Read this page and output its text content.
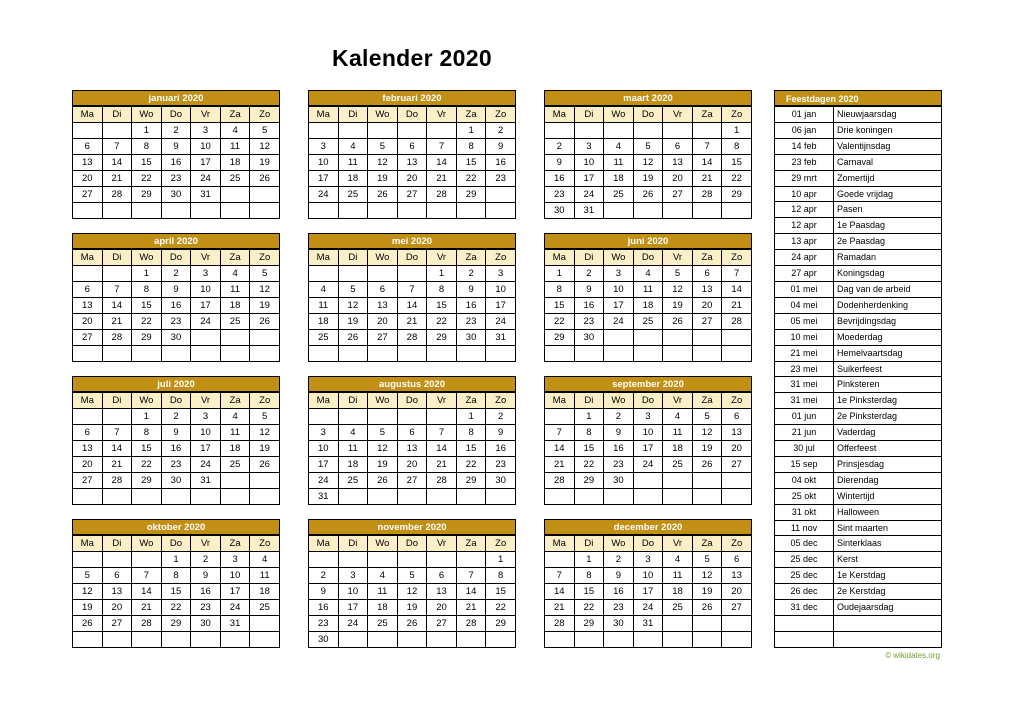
Kalender 2020
januari 2020
Ma	Di	Wo	Do	Vr	Za	Zo
		1	2	3	4	5
6	7	8	9	10	11	12
13	14	15	16	17	18	19
20	21	22	23	24	25	26
27	28	29	30	31		

februari 2020
Ma	Di	Wo	Do	Vr	Za	Zo
					1	2
3	4	5	6	7	8	9
10	11	12	13	14	15	16
17	18	19	20	21	22	23
24	25	26	27	28	29	

maart 2020
Ma	Di	Wo	Do	Vr	Za	Zo
						1
2	3	4	5	6	7	8
9	10	11	12	13	14	15
16	17	18	19	20	21	22
23	24	25	26	27	28	29
30	31					
april 2020
Ma	Di	Wo	Do	Vr	Za	Zo
		1	2	3	4	5
6	7	8	9	10	11	12
13	14	15	16	17	18	19
20	21	22	23	24	25	26
27	28	29	30			

mei 2020
Ma	Di	Wo	Do	Vr	Za	Zo
				1	2	3
4	5	6	7	8	9	10
11	12	13	14	15	16	17
18	19	20	21	22	23	24
25	26	27	28	29	30	31

juni 2020
Ma	Di	Wo	Do	Vr	Za	Zo
1	2	3	4	5	6	7
8	9	10	11	12	13	14
15	16	17	18	19	20	21
22	23	24	25	26	27	28
29	30					

juli 2020
Ma	Di	Wo	Do	Vr	Za	Zo
		1	2	3	4	5
6	7	8	9	10	11	12
13	14	15	16	17	18	19
20	21	22	23	24	25	26
27	28	29	30	31		

augustus 2020
Ma	Di	Wo	Do	Vr	Za	Zo
					1	2
3	4	5	6	7	8	9
10	11	12	13	14	15	16
17	18	19	20	21	22	23
24	25	26	27	28	29	30
31						
september 2020
Ma	Di	Wo	Do	Vr	Za	Zo
	1	2	3	4	5	6
7	8	9	10	11	12	13
14	15	16	17	18	19	20
21	22	23	24	25	26	27
28	29	30				

oktober 2020
Ma	Di	Wo	Do	Vr	Za	Zo
			1	2	3	4
5	6	7	8	9	10	11
12	13	14	15	16	17	18
19	20	21	22	23	24	25
26	27	28	29	30	31	

november 2020
Ma	Di	Wo	Do	Vr	Za	Zo
						1
2	3	4	5	6	7	8
9	10	11	12	13	14	15
16	17	18	19	20	21	22
23	24	25	26	27	28	29
30						
december 2020
Ma	Di	Wo	Do	Vr	Za	Zo
	1	2	3	4	5	6
7	8	9	10	11	12	13
14	15	16	17	18	19	20
21	22	23	24	25	26	27
28	29	30	31			

Feestdagen 2020
01 jan	Nieuwjaarsdag
06 jan	Drie koningen
14 feb	Valentijnsdag
23 feb	Carnaval
29 mrt	Zomertijd
10 apr	Goede vrijdag
12 apr	Pasen
12 apr	1e Paasdag
13 apr	2e Paasdag
24 apr	Ramadan
27 apr	Koningsdag
01 mei	Dag van de arbeid
04 mei	Dodenherdenking
05 mei	Bevrijdingsdag
10 mei	Moederdag
21 mei	Hemelvaartsdag
23 mei	Suikerfeest
31 mei	Pinksteren
31 mei	1e Pinksterdag
01 jun	2e Pinksterdag
21 jun	Vaderdag
30 jul	Offerfeest
15 sep	Prinsjesdag
04 okt	Dierendag
25 okt	Wintertijd
31 okt	Halloween
11 nov	Sint maarten
05 dec	Sinterklaas
25 dec	Kerst
25 dec	1e Kerstdag
26 dec	2e Kerstdag
31 dec	Oudejaarsdag

© wikidates.org
